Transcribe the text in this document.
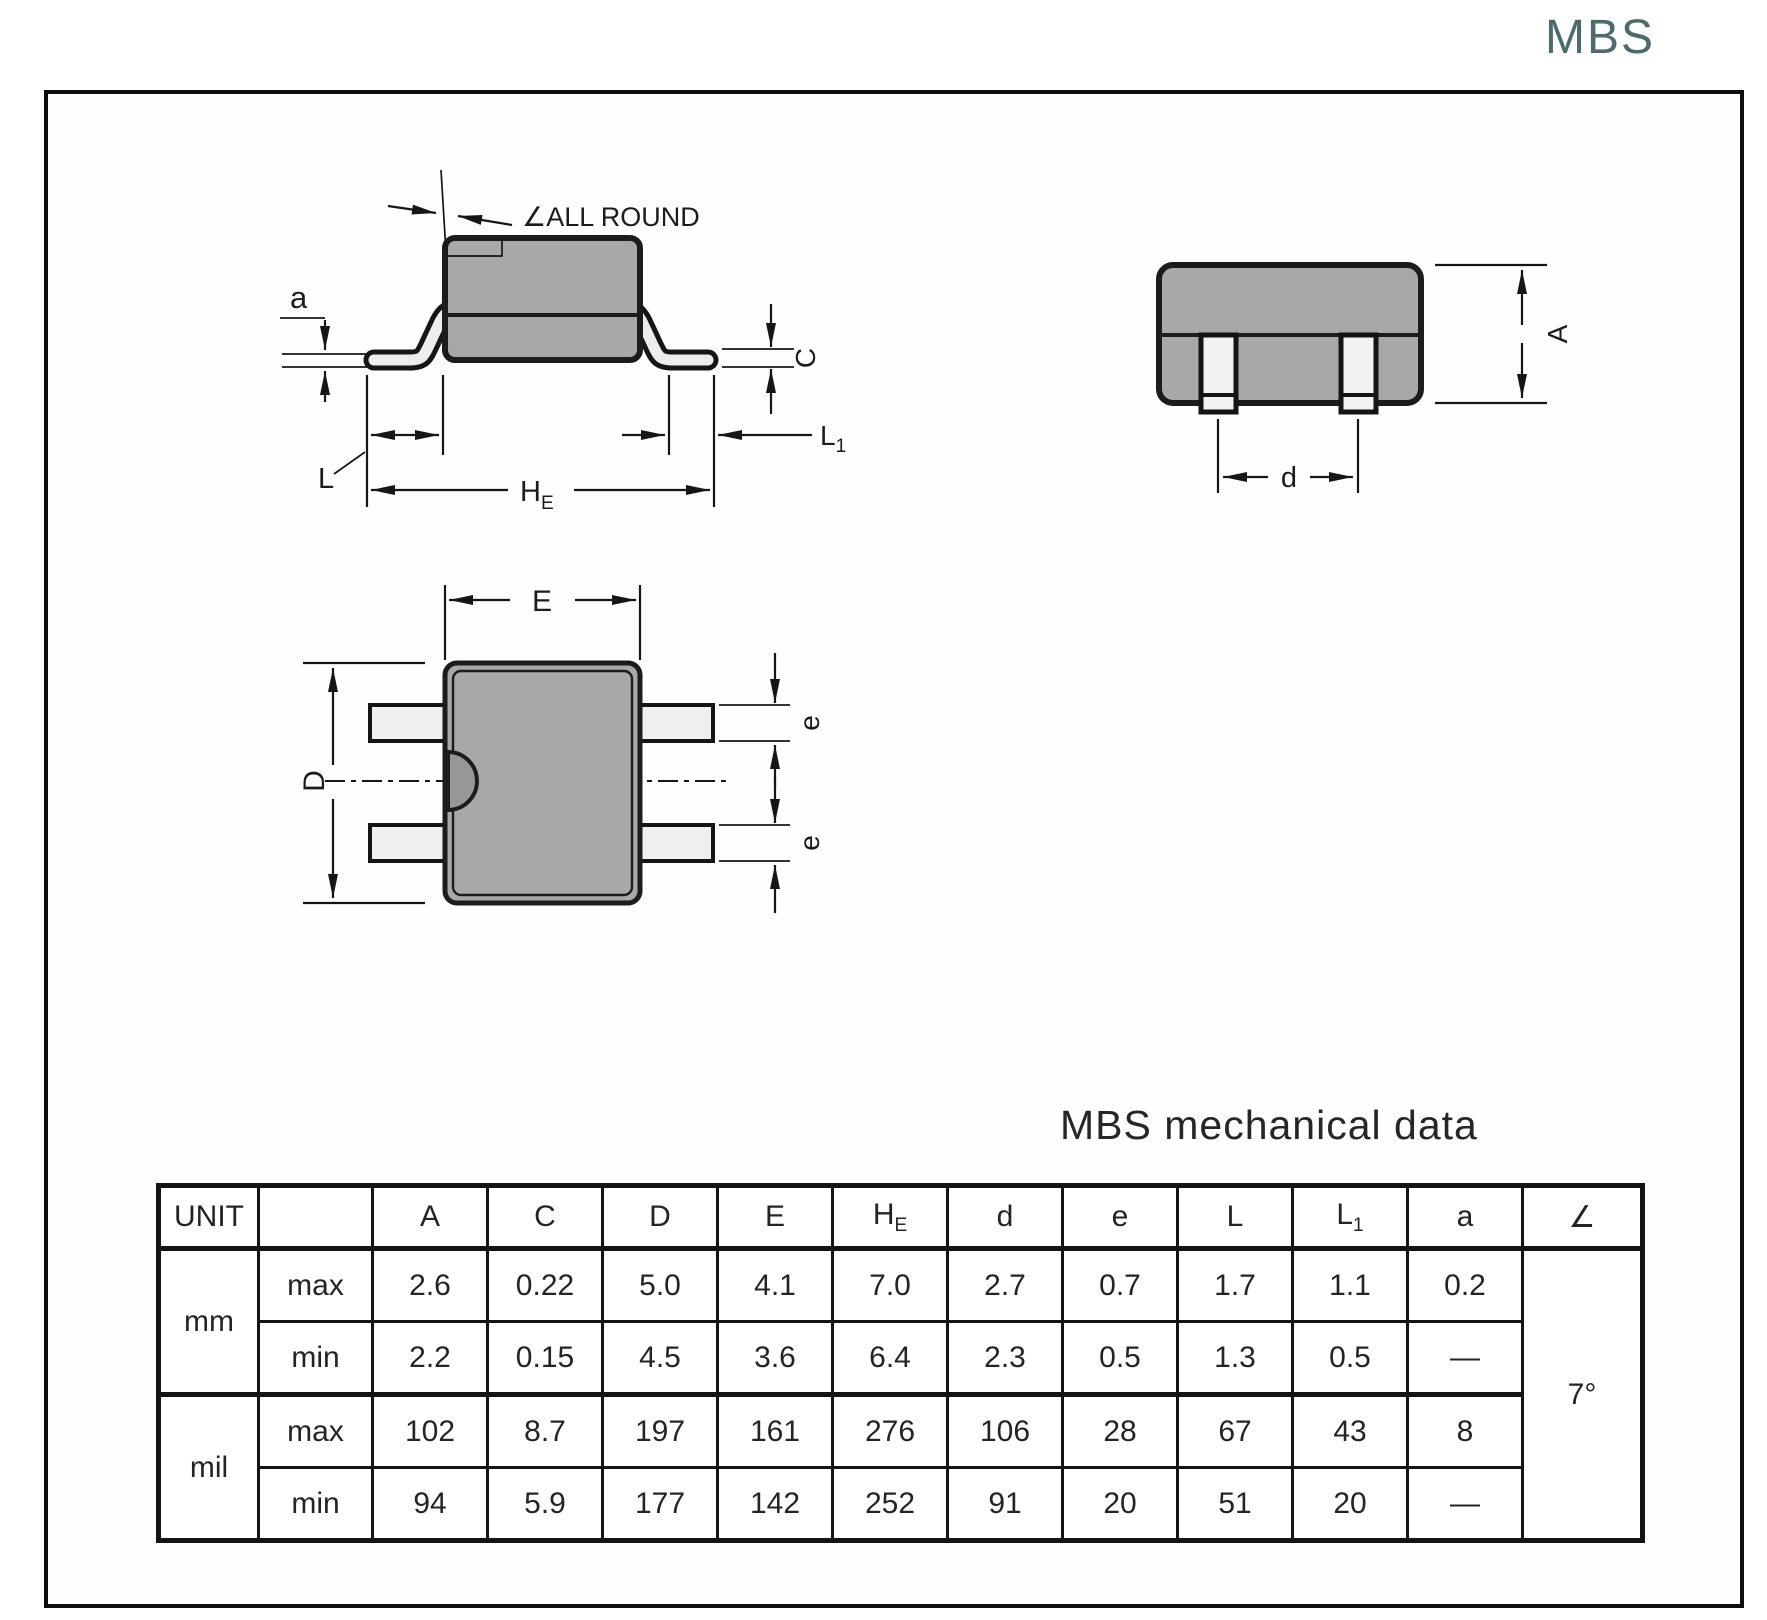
MBS
∠ALL ROUND
a
L
$L_1$
$H_E$
C
d
A
E
D
e
e
MBS mechanical data
UNIT		A	C	D	E	$H_E$	d	e	L	$L_1$	a	∠
mm	max	2.6	0.22	5.0	4.1	7.0	2.7	0.7	1.7	1.1	0.2	7°
	min	2.2	0.15	4.5	3.6	6.4	2.3	0.5	1.3	0.5	—	
mil	max	102	8.7	197	161	276	106	28	67	43	8	
	min	94	5.9	177	142	252	91	20	51	20	—	
